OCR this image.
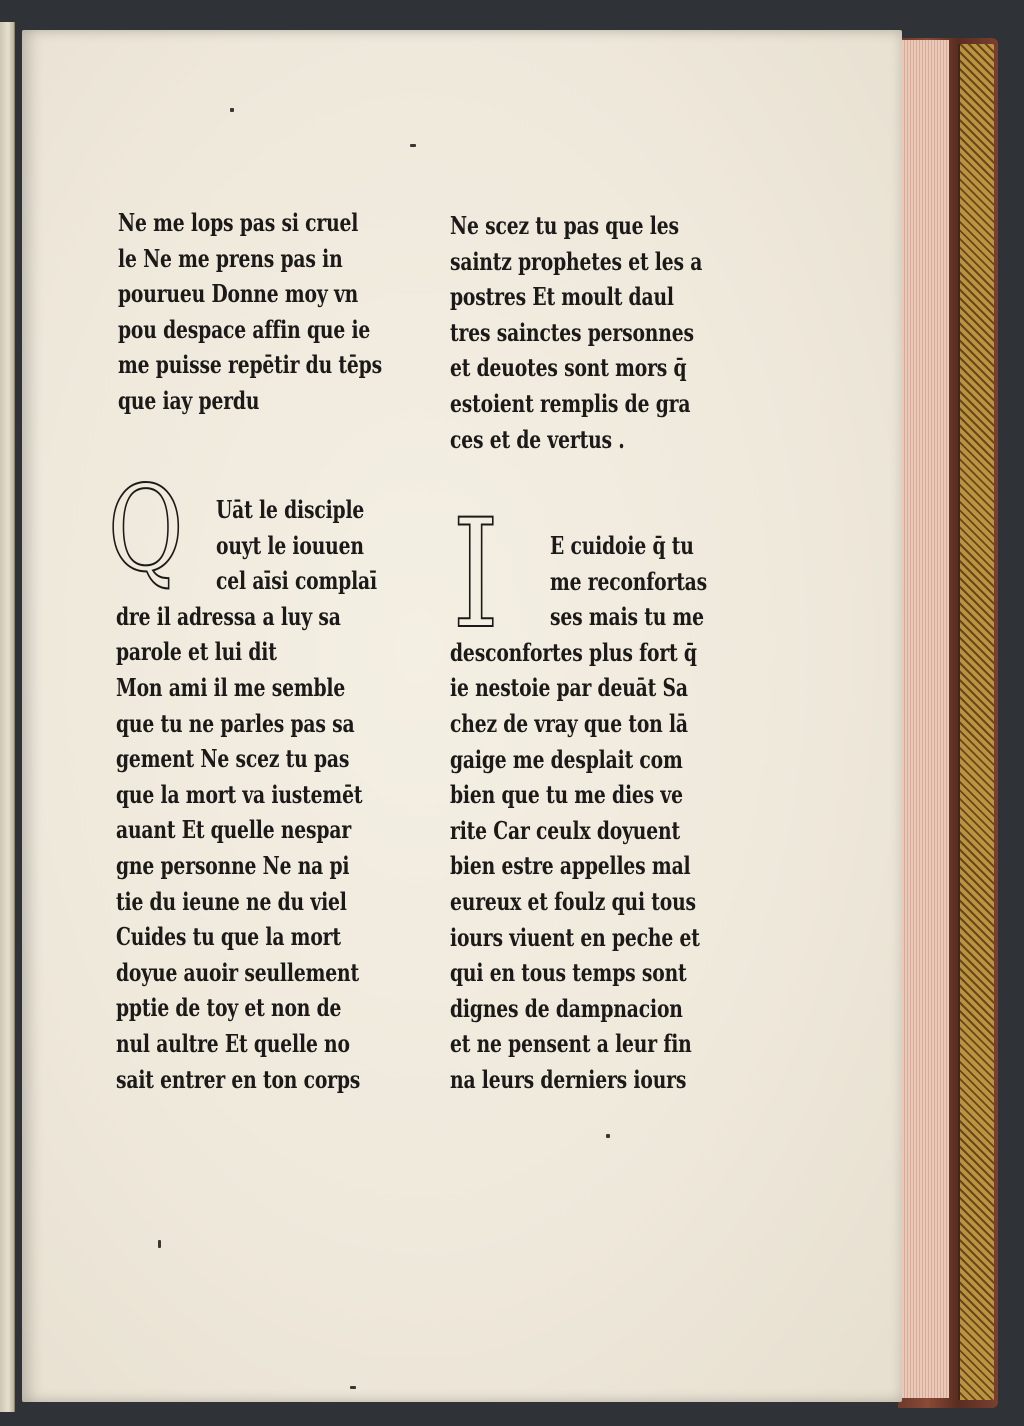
Ne me lops pas si cruel
le Ne me prens pas in
pourueu Donne moy vn
pou despace affin que ie
me puisse repētir du tēps
que iay perdu
Ne scez tu pas que les
saintz prophetes et les a
postres Et moult daul
tres sainctes personnes
et deuotes sont mors q̄
estoient remplis de gra
ces et de vertus .
Q Uāt le disciple
ouyt le iouuen
cel aīsi complaī
dre il adressa a luy sa
parole et lui dit
Mon ami il me semble
que tu ne parles pas sa
gement Ne scez tu pas
que la mort va iustemēt
auant Et quelle nespar
gne personne Ne na pi
tie du ieune ne du viel
Cuides tu que la mort
doyue auoir seullement
pptie de toy et non de
nul aultre Et quelle no
sait entrer en ton corps
I E cuidoie q̄ tu
me reconfortas
ses mais tu me
desconfortes plus fort q̄
ie nestoie par deuāt Sa
chez de vray que ton lā
gaige me desplait com
bien que tu me dies ve
rite Car ceulx doyuent
bien estre appelles mal
eureux et foulz qui tous
iours viuent en peche et
qui en tous temps sont
dignes de dampnacion
et ne pensent a leur fin
na leurs derniers iours
